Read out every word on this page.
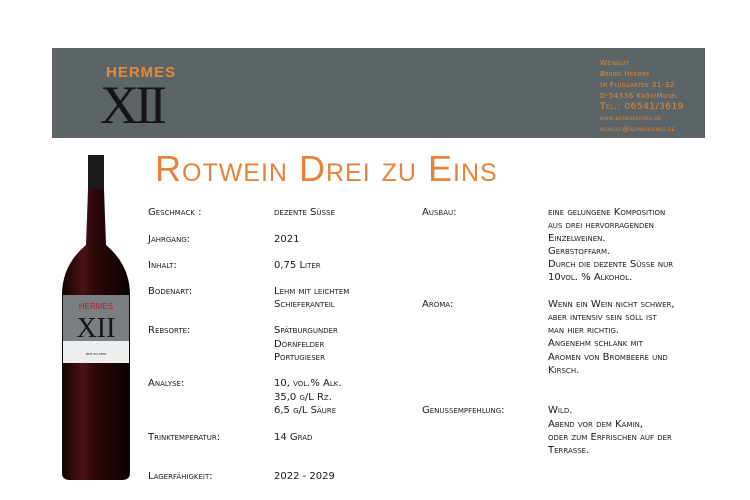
HERMES
XII
Weingut
Bernd Hermes
Im Flurgarten 31-32
D-54536 Kröv/Mosel
Tel.: 06541/3619
www.berndhermes.de
weingut@berndhermes.de
HERMES
XII
drei zu eins
Rotwein Drei zu Eins
Geschmack :	dezente Süsse
Jahrgang:	2021
Inhalt:	0,75 Liter
Bodenart:	Lehm mit leichtem
Schieferanteil
Rebsorte:	Spätburgunder
Dornfelder
Portugieser
Analyse:	10, vol.% Alk.
35,0 g/L Rz.
6,5 g/L Säure
Trinktemperatur:	14 Grad
Lagerfähigkeit:	2022 - 2029
Ausbau:	eine gelungene Komposition
aus drei hervorragenden
Einzelweinen.
Gerbstoffarm.
Durch die dezente Süsse nur
10vol. % Alkohol.
Aroma:	Wenn ein Wein nicht schwer,
aber intensiv sein soll ist
man hier richtig.
Angenehm schlank mit
Aromen von Brombeere und
Kirsch.
Genussempfehlung:	Wild.
Abend vor dem Kamin,
oder zum Erfrischen auf der
Terrasse.
